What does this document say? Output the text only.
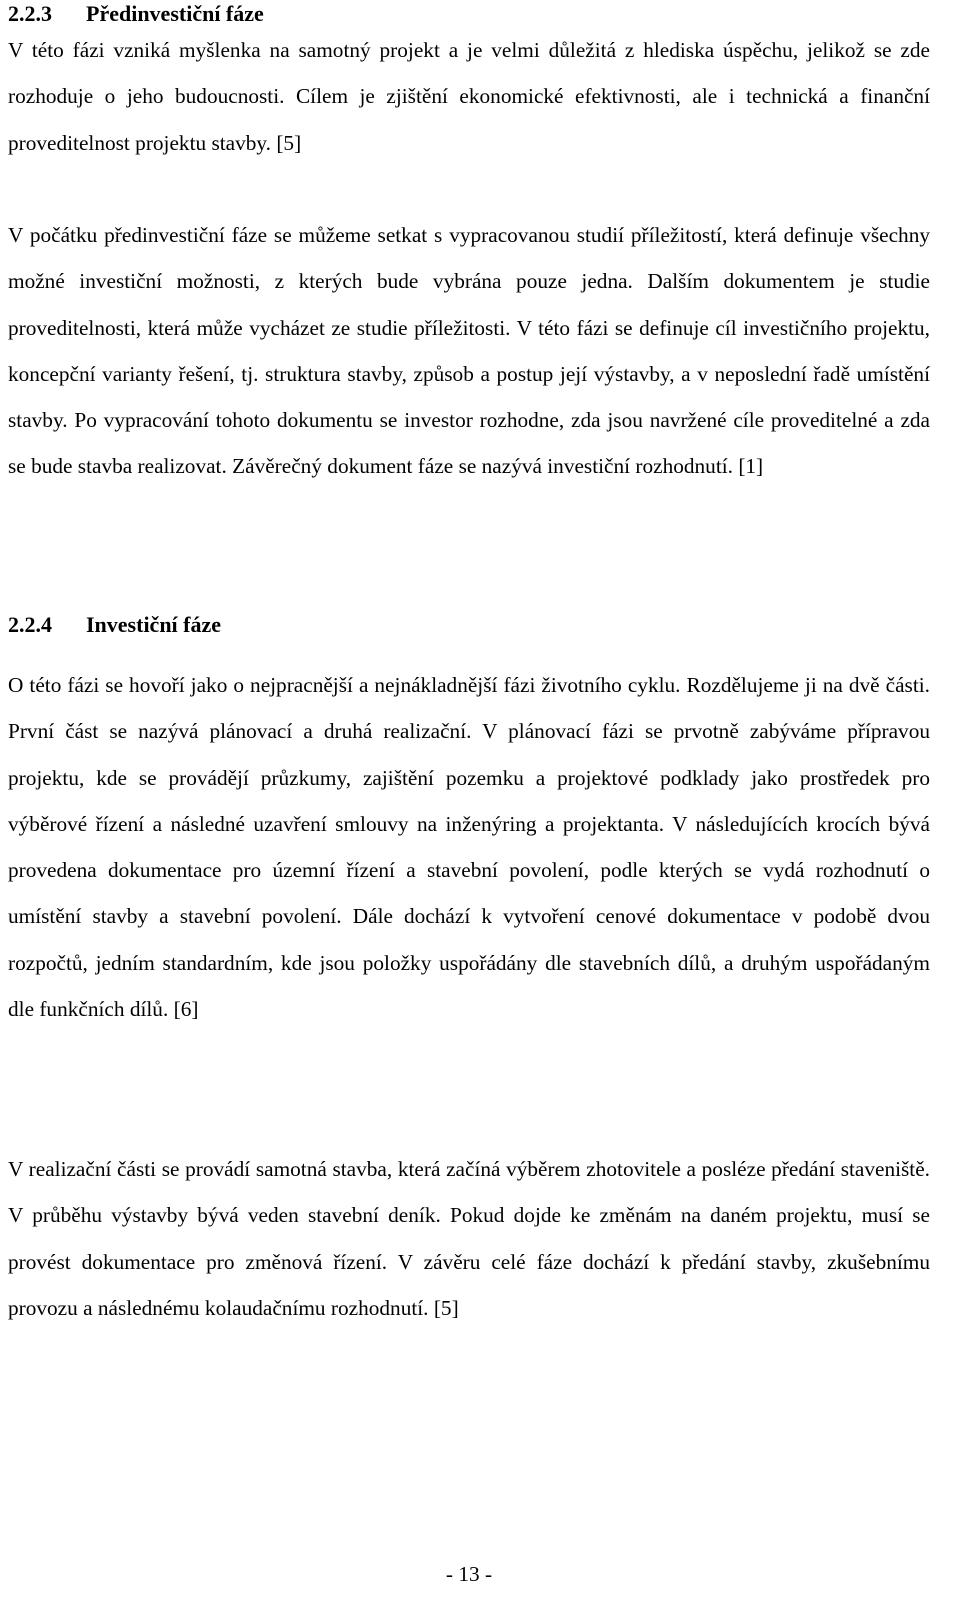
2.2.3 Předinvestiční fáze

V této fázi vzniká myšlenka na samotný projekt a je velmi důležitá z hlediska úspěchu, jelikož se zde rozhoduje o jeho budoucnosti. Cílem je zjištění ekonomické efektivnosti, ale i technická a finanční proveditelnost projektu stavby. [5]

V počátku předinvestiční fáze se můžeme setkat s vypracovanou studií příležitostí, která definuje všechny možné investiční možnosti, z kterých bude vybrána pouze jedna. Dalším dokumentem je studie proveditelnosti, která může vycházet ze studie příležitosti. V této fázi se definuje cíl investičního projektu, koncepční varianty řešení, tj. struktura stavby, způsob a postup její výstavby, a v neposlední řadě umístění stavby. Po vypracování tohoto dokumentu se investor rozhodne, zda jsou navržené cíle proveditelné a zda se bude stavba realizovat. Závěrečný dokument fáze se nazývá investiční rozhodnutí. [1]

2.2.4 Investiční fáze

O této fázi se hovoří jako o nejpracnější a nejnákladnější fázi životního cyklu. Rozdělujeme ji na dvě části. První část se nazývá plánovací a druhá realizační. V plánovací fázi se prvotně zabýváme přípravou projektu, kde se provádějí průzkumy, zajištění pozemku a projektové podklady jako prostředek pro výběrové řízení a následné uzavření smlouvy na inženýring a projektanta. V následujících krocích bývá provedena dokumentace pro územní řízení a stavební povolení, podle kterých se vydá rozhodnutí o umístění stavby a stavební povolení. Dále dochází k vytvoření cenové dokumentace v podobě dvou rozpočtů, jedním standardním, kde jsou položky uspořádány dle stavebních dílů, a druhým uspořádaným dle funkčních dílů. [6]

V realizační části se provádí samotná stavba, která začíná výběrem zhotovitele a posléze předání staveniště. V průběhu výstavby bývá veden stavební deník. Pokud dojde ke změnám na daném projektu, musí se provést dokumentace pro změnová řízení. V závěru celé fáze dochází k předání stavby, zkušebnímu provozu a následnému kolaudačnímu rozhodnutí. [5]

- 13 -
